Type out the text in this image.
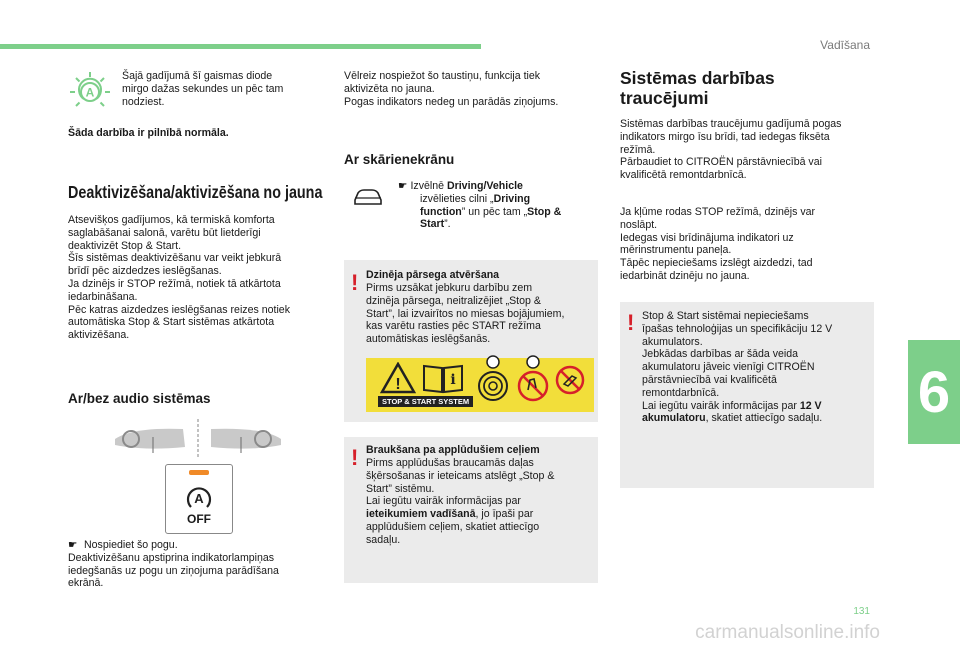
Vadīšana
6
131
carmanualsonline.info
A
Šajā gadījumā šī gaismas diode
mirgo dažas sekundes un pēc tam
nodziest.
Šāda darbība ir pilnībā normāla.
Deaktivizēšana/aktivizēšana no jauna
Atsevišķos gadījumos, kā termiskā komforta
saglabāšanai salonā, varētu būt lietderīgi
deaktivizēt Stop & Start.
Šīs sistēmas deaktivizēšanu var veikt jebkurā
brīdī pēc aizdedzes ieslēgšanas.
Ja dzinējs ir STOP režīmā, notiek tā atkārtota
iedarbināšana.
Pēc katras aizdedzes ieslēgšanas reizes notiek
automātiska Stop & Start sistēmas atkārtota
aktivizēšana.
Ar/bez audio sistēmas
A
OFF
☛ Nospiediet šo pogu.
Deaktivizēšanu apstiprina indikatorlampiņas
iedegšanās uz pogu un ziņojuma parādīšana
ekrānā.
Vēlreiz nospiežot šo taustiņu, funkcija tiek
aktivizēta no jauna.
Pogas indikators nedeg un parādās ziņojums.
Ar skārienekrānu
☛ Izvēlnē Driving/Vehicle
izvēlieties cilni „Driving
function” un pēc tam „Stop &
Start”.
! Dzinēja pārsega atvēršana
Pirms uzsākat jebkuru darbību zem
dzinēja pārsega, neitralizējiet „Stop &
Start”, lai izvairītos no miesas bojājumiem,
kas varētu rasties pēc START režīma
automātiskas ieslēgšanās.
!	i
STOP & START SYSTEM
! Braukšana pa applūdušiem ceļiem
Pirms applūdušas braucamās daļas
šķērsošanas ir ieteicams atslēgt „Stop &
Start” sistēmu.
Lai iegūtu vairāk informācijas par
ieteikumiem vadīšanā, jo īpaši par
applūdušiem ceļiem, skatiet attiecīgo
sadaļu.
Sistēmas darbības
traucējumi
Sistēmas darbības traucējumu gadījumā pogas
indikators mirgo īsu brīdi, tad iedegas fiksēta
režīmā.
Pārbaudiet to CITROËN pārstāvniecībā vai
kvalificētā remontdarbnīcā.
Ja kļūme rodas STOP režīmā, dzinējs var
noslāpt.
Iedegas visi brīdinājuma indikatori uz
mērinstrumentu paneļa.
Tāpēc nepieciešams izslēgt aizdedzi, tad
iedarbināt dzinēju no jauna.
! Stop & Start sistēmai nepieciešams
īpašas tehnoloģijas un specifikāciju 12 V
akumulators.
Jebkādas darbības ar šāda veida
akumulatoru jāveic vienīgi CITROËN
pārstāvniecībā vai kvalificētā
remontdarbnīcā.
Lai iegūtu vairāk informācijas par 12 V
akumulatoru, skatiet attiecīgo sadaļu.
